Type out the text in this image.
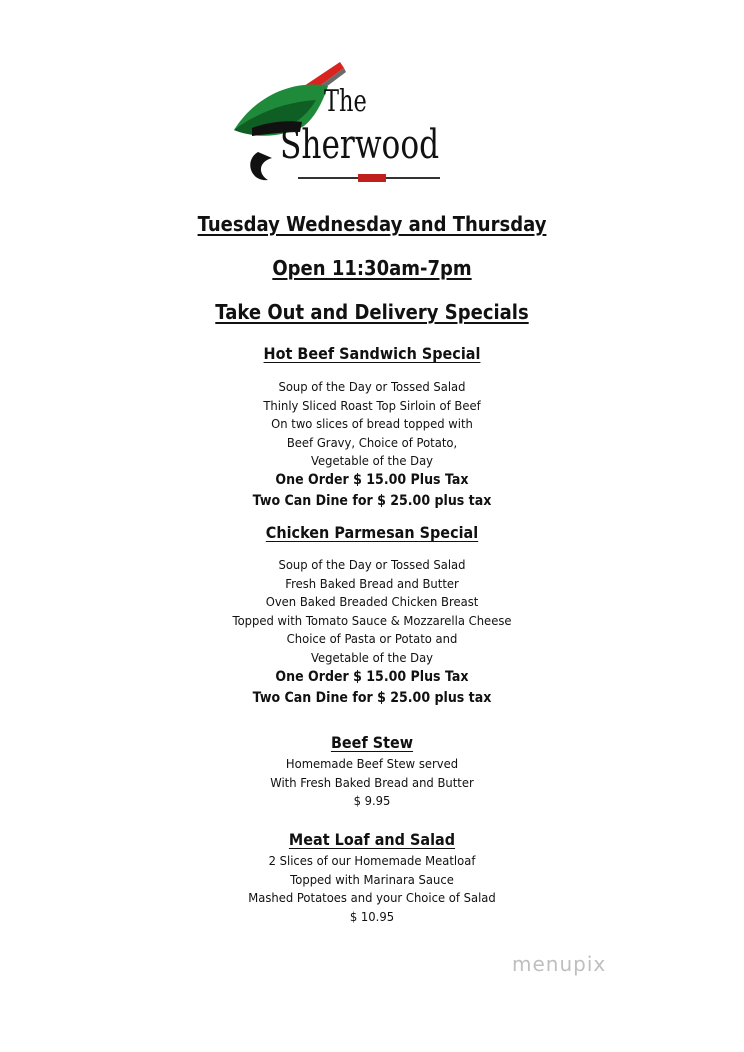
The
Sherwood

Tuesday Wednesday and Thursday

Open 11:30am-7pm

Take Out and Delivery Specials

Hot Beef Sandwich Special

Soup of the Day or Tossed Salad

Thinly Sliced Roast Top Sirloin of Beef

On two slices of bread topped with

Beef Gravy, Choice of Potato,

Vegetable of the Day

One Order $ 15.00 Plus Tax

Two Can Dine for $ 25.00 plus tax

Chicken Parmesan Special

Soup of the Day or Tossed Salad

Fresh Baked Bread and Butter

Oven Baked Breaded Chicken Breast

Topped with Tomato Sauce & Mozzarella Cheese

Choice of Pasta or Potato and

Vegetable of the Day

One Order $ 15.00 Plus Tax

Two Can Dine for $ 25.00 plus tax

Beef Stew

Homemade Beef Stew served

With Fresh Baked Bread and Butter

$ 9.95

Meat Loaf and Salad

2 Slices of our Homemade Meatloaf

Topped with Marinara Sauce

Mashed Potatoes and your Choice of Salad

$ 10.95

menupix
